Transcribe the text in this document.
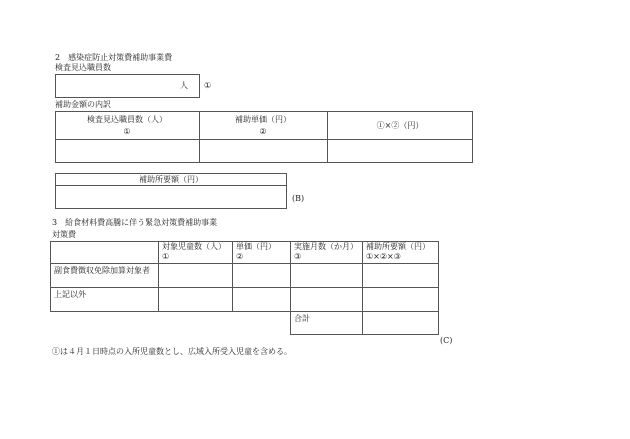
2　感染症防止対策費補助事業費
検査見込職員数
人 ①
補助金額の内訳
検査見込職員数（人）
①
補助単価（円）
②
①×②（円）
補助所要額（円）
(B)
3　給食材料費高騰に伴う緊急対策費補助事業
対策費
対象児童数（人）
①
単価（円）
②
実施月数（か月）
③
補助所要額（円）
①×②×③
副食費徴収免除加算対象者
上記以外
合計
(C)
①は４月１日時点の入所児童数とし、広域入所受入児童を含める。
